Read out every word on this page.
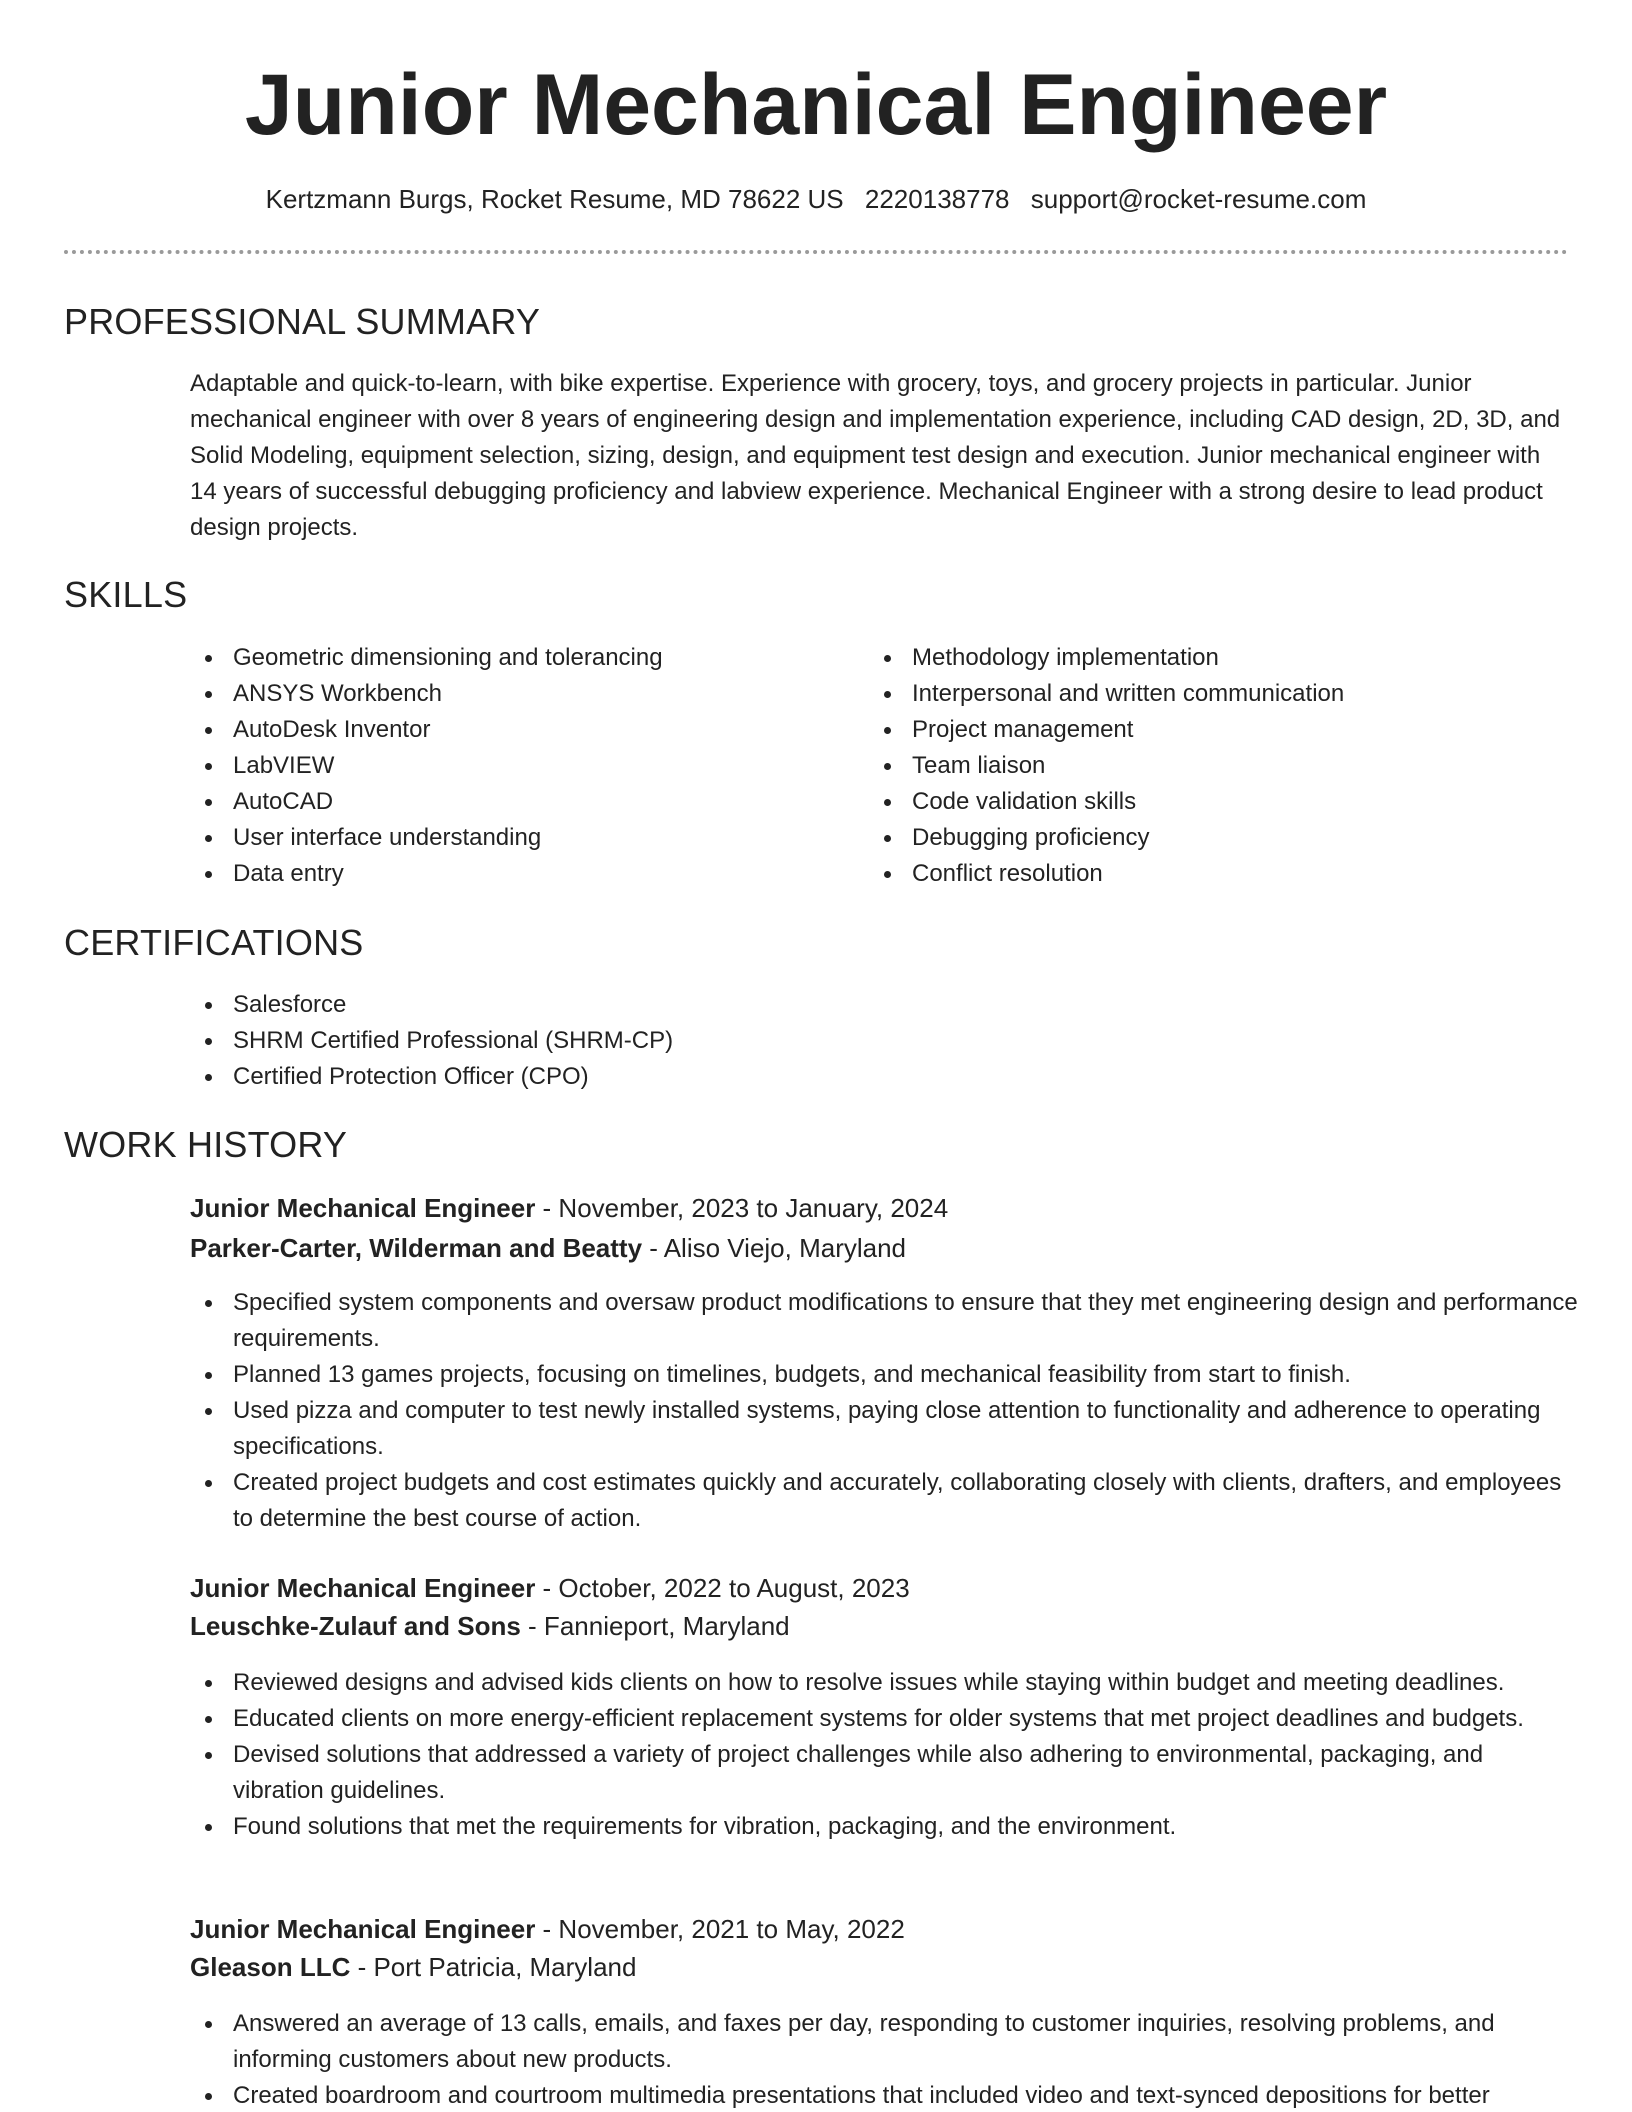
Junior Mechanical Engineer
Kertzmann Burgs, Rocket Resume, MD 78622 US 2220138778 support@rocket-resume.com
PROFESSIONAL SUMMARY

Adaptable and quick-to-learn, with bike expertise. Experience with grocery, toys, and grocery projects in particular. Junior mechanical engineer with over 8 years of engineering design and implementation experience, including CAD design, 2D, 3D, and Solid Modeling, equipment selection, sizing, design, and equipment test design and execution. Junior mechanical engineer with 14 years of successful debugging proficiency and labview experience. Mechanical Engineer with a strong desire to lead product design projects.

SKILLS
Geometric dimensioning and tolerancing
ANSYS Workbench
AutoDesk Inventor
LabVIEW
AutoCAD
User interface understanding
Data entry
Methodology implementation
Interpersonal and written communication
Project management
Team liaison
Code validation skills
Debugging proficiency
Conflict resolution
CERTIFICATIONS
Salesforce
SHRM Certified Professional (SHRM-CP)
Certified Protection Officer (CPO)
WORK HISTORY

Junior Mechanical Engineer - November, 2023 to January, 2024

Parker-Carter, Wilderman and Beatty - Aliso Viejo, Maryland

Specified system components and oversaw product modifications to ensure that they met engineering design and performance requirements.
Planned 13 games projects, focusing on timelines, budgets, and mechanical feasibility from start to finish.
Used pizza and computer to test newly installed systems, paying close attention to functionality and adherence to operating specifications.
Created project budgets and cost estimates quickly and accurately, collaborating closely with clients, drafters, and employees to determine the best course of action.

Junior Mechanical Engineer - October, 2022 to August, 2023

Leuschke-Zulauf and Sons - Fannieport, Maryland

Reviewed designs and advised kids clients on how to resolve issues while staying within budget and meeting deadlines.
Educated clients on more energy-efficient replacement systems for older systems that met project deadlines and budgets.
Devised solutions that addressed a variety of project challenges while also adhering to environmental, packaging, and vibration guidelines.
Found solutions that met the requirements for vibration, packaging, and the environment.

Junior Mechanical Engineer - November, 2021 to May, 2022

Gleason LLC - Port Patricia, Maryland

Answered an average of 13 calls, emails, and faxes per day, responding to customer inquiries, resolving problems, and informing customers about new products.
Created boardroom and courtroom multimedia presentations that included video and text-synced depositions for better
